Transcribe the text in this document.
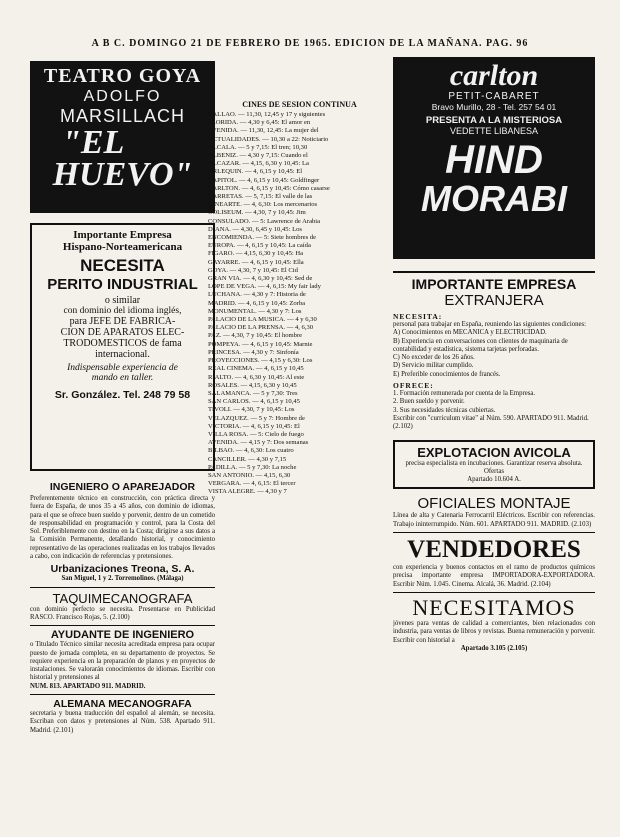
A B C. DOMINGO 21 DE FEBRERO DE 1965. EDICION DE LA MAÑANA. PAG. 96
TEATRO GOYA
ADOLFO
MARSILLACH
"EL
HUEVO"
Importante Empresa
Hispano-Norteamericana
NECESITA
PERITO INDUSTRIAL
o similar
con dominio del idioma inglés,
para JEFE DE FABRICA-
CION DE APARATOS ELEC-
TRODOMESTICOS de fama
internacional.
Indispensable experiencia de
mando en taller.
Sr. González. Tel. 248 79 58
INGENIERO O APAREJADOR
Preferentemente técnico en construcción, con práctica directa y fuera de España, de unos 35 a 45 años, con dominio de idiomas, para el que se ofrece buen sueldo y porvenir, dentro de un cometido de responsabilidad en programación y control, para la Costa del Sol. Preferiblemente con destino en la Costa; dirigirse a sus datos a la Comisión Permanente, detallando historial, y conocimiento representativo de las operaciones realizadas en los trabajos llevados a cabo, con indicación de referencias y pretensiones.
Urbanizaciones Treona, S. A.
San Miguel, 1 y 2. Torremolinos. (Málaga)
TAQUIMECANOGRAFA
con dominio perfecto se necesita. Presentarse en Publicidad RASCO. Francisco Rojas, 5. (2.100)
AYUDANTE DE INGENIERO
o Titulado Técnico similar necesita acreditada empresa para ocupar puesto de jornada completa, en su departamento de proyectos. Se requiere experiencia en la preparación de planos y en proyectos de instalaciones. Se valorarán conocimientos de idiomas. Escribir con historial y pretensiones al
NUM. 813. APARTADO 911. MADRID.
ALEMANA MECANOGRAFA
secretaria y buena traducción del español al alemán, se necesita. Escriban con datos y pretensiones al Núm. 538. Apartado 911. Madrid. (2.101)
CINES DE SESION CONTINUA
CALLAO. — 11,30, 12,45 y 17 y siguientes
FLORIDA. — 4,30 y 6,45: El amor en
AVENIDA. — 11,30, 12,45: La mujer del
ACTUALIDADES. — 10,30 a 22: Noticiario
ALCALA. — 5 y 7,15: El tren; 10,30
ALBENIZ. — 4,30 y 7,15: Cuando el
ALCAZAR. — 4,15, 6,30 y 10,45: La
ARLEQUIN. — 4, 6,15 y 10,45: El
CAPITOL. — 4, 6,15 y 10,45: Goldfinger
CARLTON. — 4, 6,15 y 10,45: Cómo casarse
CARRETAS. — 5, 7,15: El valle de las
CINEARTE. — 4, 6,30: Los mercenarios
COLISEUM. — 4,30, 7 y 10,45: Jim
CONSULADO. — 5: Lawrence de Arabia
DIANA. — 4,30, 6,45 y 10,45: Los
ENCOMIENDA. — 5: Siete hombres de
EUROPA. — 4, 6,15 y 10,45: La caída
FIGARO. — 4,15, 6,30 y 10,45: Ha
GAYARRE. — 4, 6,15 y 10,45: Ella
GOYA. — 4,30, 7 y 10,45: El Cid
GRAN VIA. — 4, 6,30 y 10,45: Sed de
LOPE DE VEGA. — 4, 6,15: My fair lady
LUCHANA. — 4,30 y 7: Historia de
MADRID. — 4, 6,15 y 10,45: Zorba
MONUMENTAL. — 4,30 y 7: Los
PALACIO DE LA MUSICA. — 4 y 6,30
PALACIO DE LA PRENSA. — 4, 6,30
PAZ. — 4,30, 7 y 10,45: El hombre
POMPEYA. — 4, 6,15 y 10,45: Marnie
PRINCESA. — 4,30 y 7: Sinfonía
PROYECCIONES. — 4,15 y 6,30: Los
REAL CINEMA. — 4, 6,15 y 10,45
RIALTO. — 4, 6,30 y 10,45: Al este
ROSALES. — 4,15, 6,30 y 10,45
SALAMANCA. — 5 y 7,30: Tres
SAN CARLOS. — 4, 6,15 y 10,45
TIVOLI. — 4,30, 7 y 10,45: Los
VELAZQUEZ. — 5 y 7: Hombre de
VICTORIA. — 4, 6,15 y 10,45: El
VILLA ROSA. — 5: Cielo de fuego
AVENIDA. — 4,15 y 7: Dos semanas
BILBAO. — 4, 6,30: Los cuatro
CANCILLER. — 4,30 y 7,15
PADILLA. — 5 y 7,30: La noche
SAN ANTONIO. — 4,15, 6,30
VERGARA. — 4, 6,15: El tercer
VISTA ALEGRE. — 4,30 y 7
carlton
PETIT-CABARET
Bravo Murillo, 28 - Tel. 257 54 01
PRESENTA A LA MISTERIOSA
VEDETTE LIBANESA
HIND
MORABI
IMPORTANTE EMPRESA
EXTRANJERA
NECESITA:
personal para trabajar en España, reuniendo las siguientes condiciones:
A) Conocimientos en MECANICA y ELECTRICIDAD.
B) Experiencia en conversaciones con clientes de maquinaria de contabilidad y estadística, sistema tarjetas perforadas.
C) No exceder de los 26 años.
D) Servicio militar cumplido.
E) Preferible conocimientos de francés.
OFRECE:
1. Formación remunerada por cuenta de la Empresa.
2. Buen sueldo y porvenir.
3. Sus necesidades técnicas cubiertas.
Escribir con "curriculum vitae" al Núm. 590. APARTADO 911. Madrid. (2.102)
EXPLOTACION AVICOLA
precisa especialista en incubaciones. Garantizar reserva absoluta. Ofertas
Apartado 10.604 A.
OFICIALES MONTAJE
Línea de alta y Catenaria Ferrocarril Eléctricos. Escribir con referencias. Trabajo ininterrumpido. Núm. 601. APARTADO 911. MADRID. (2.103)
VENDEDORES
con experiencia y buenos contactos en el ramo de productos químicos precisa importante empresa IMPORTADORA-EXPORTADORA. Escribir Núm. 1.045. Cinema. Alcalá, 36. Madrid. (2.104)
NECESITAMOS
jóvenes para ventas de calidad a comerciantes, bien relacionados con industria, para ventas de libros y revistas. Buena remuneración y porvenir. Escribir con historial a
Apartado 3.105 (2.105)
